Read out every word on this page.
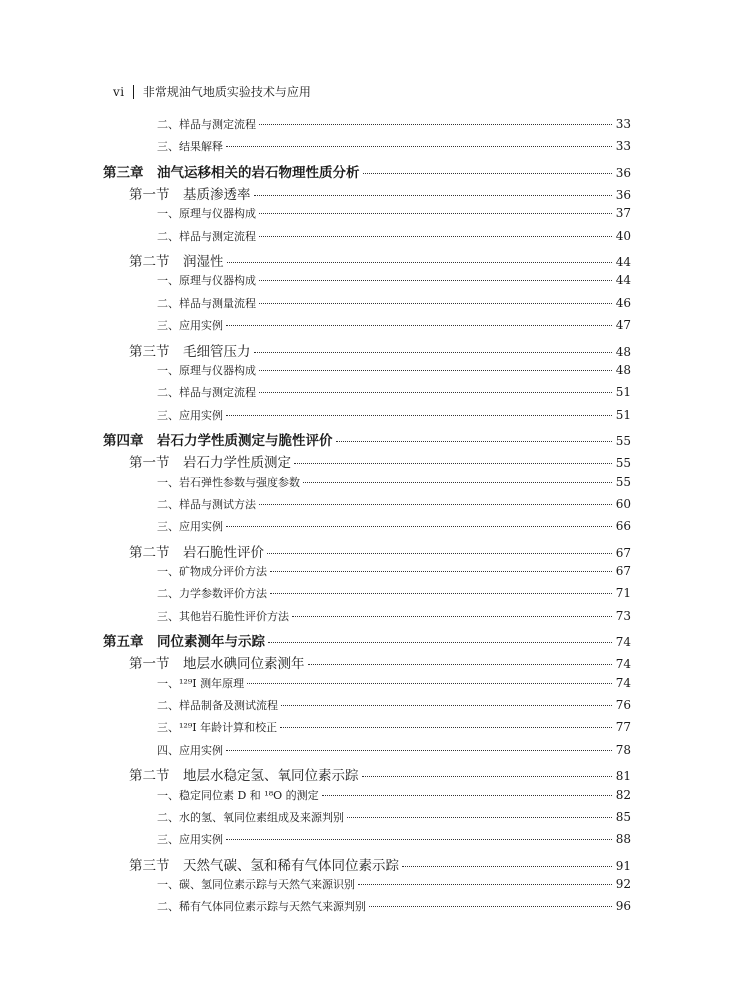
vi 非常规油气地质实验技术与应用
二、样品与测定流程	33
三、结果解释	33
第三章　油气运移相关的岩石物理性质分析	36
第一节　基质渗透率	36
一、原理与仪器构成	37
二、样品与测定流程	40
第二节　润湿性	44
一、原理与仪器构成	44
二、样品与测量流程	46
三、应用实例	47
第三节　毛细管压力	48
一、原理与仪器构成	48
二、样品与测定流程	51
三、应用实例	51
第四章　岩石力学性质测定与脆性评价	55
第一节　岩石力学性质测定	55
一、岩石弹性参数与强度参数	55
二、样品与测试方法	60
三、应用实例	66
第二节　岩石脆性评价	67
一、矿物成分评价方法	67
二、力学参数评价方法	71
三、其他岩石脆性评价方法	73
第五章　同位素测年与示踪	74
第一节　地层水碘同位素测年	74
一、¹²⁹I 测年原理	74
二、样品制备及测试流程	76
三、¹²⁹I 年龄计算和校正	77
四、应用实例	78
第二节　地层水稳定氢、氧同位素示踪	81
一、稳定同位素 D 和 ¹⁸O 的测定	82
二、水的氢、氧同位素组成及来源判别	85
三、应用实例	88
第三节　天然气碳、氢和稀有气体同位素示踪	91
一、碳、氢同位素示踪与天然气来源识别	92
二、稀有气体同位素示踪与天然气来源判别	96
